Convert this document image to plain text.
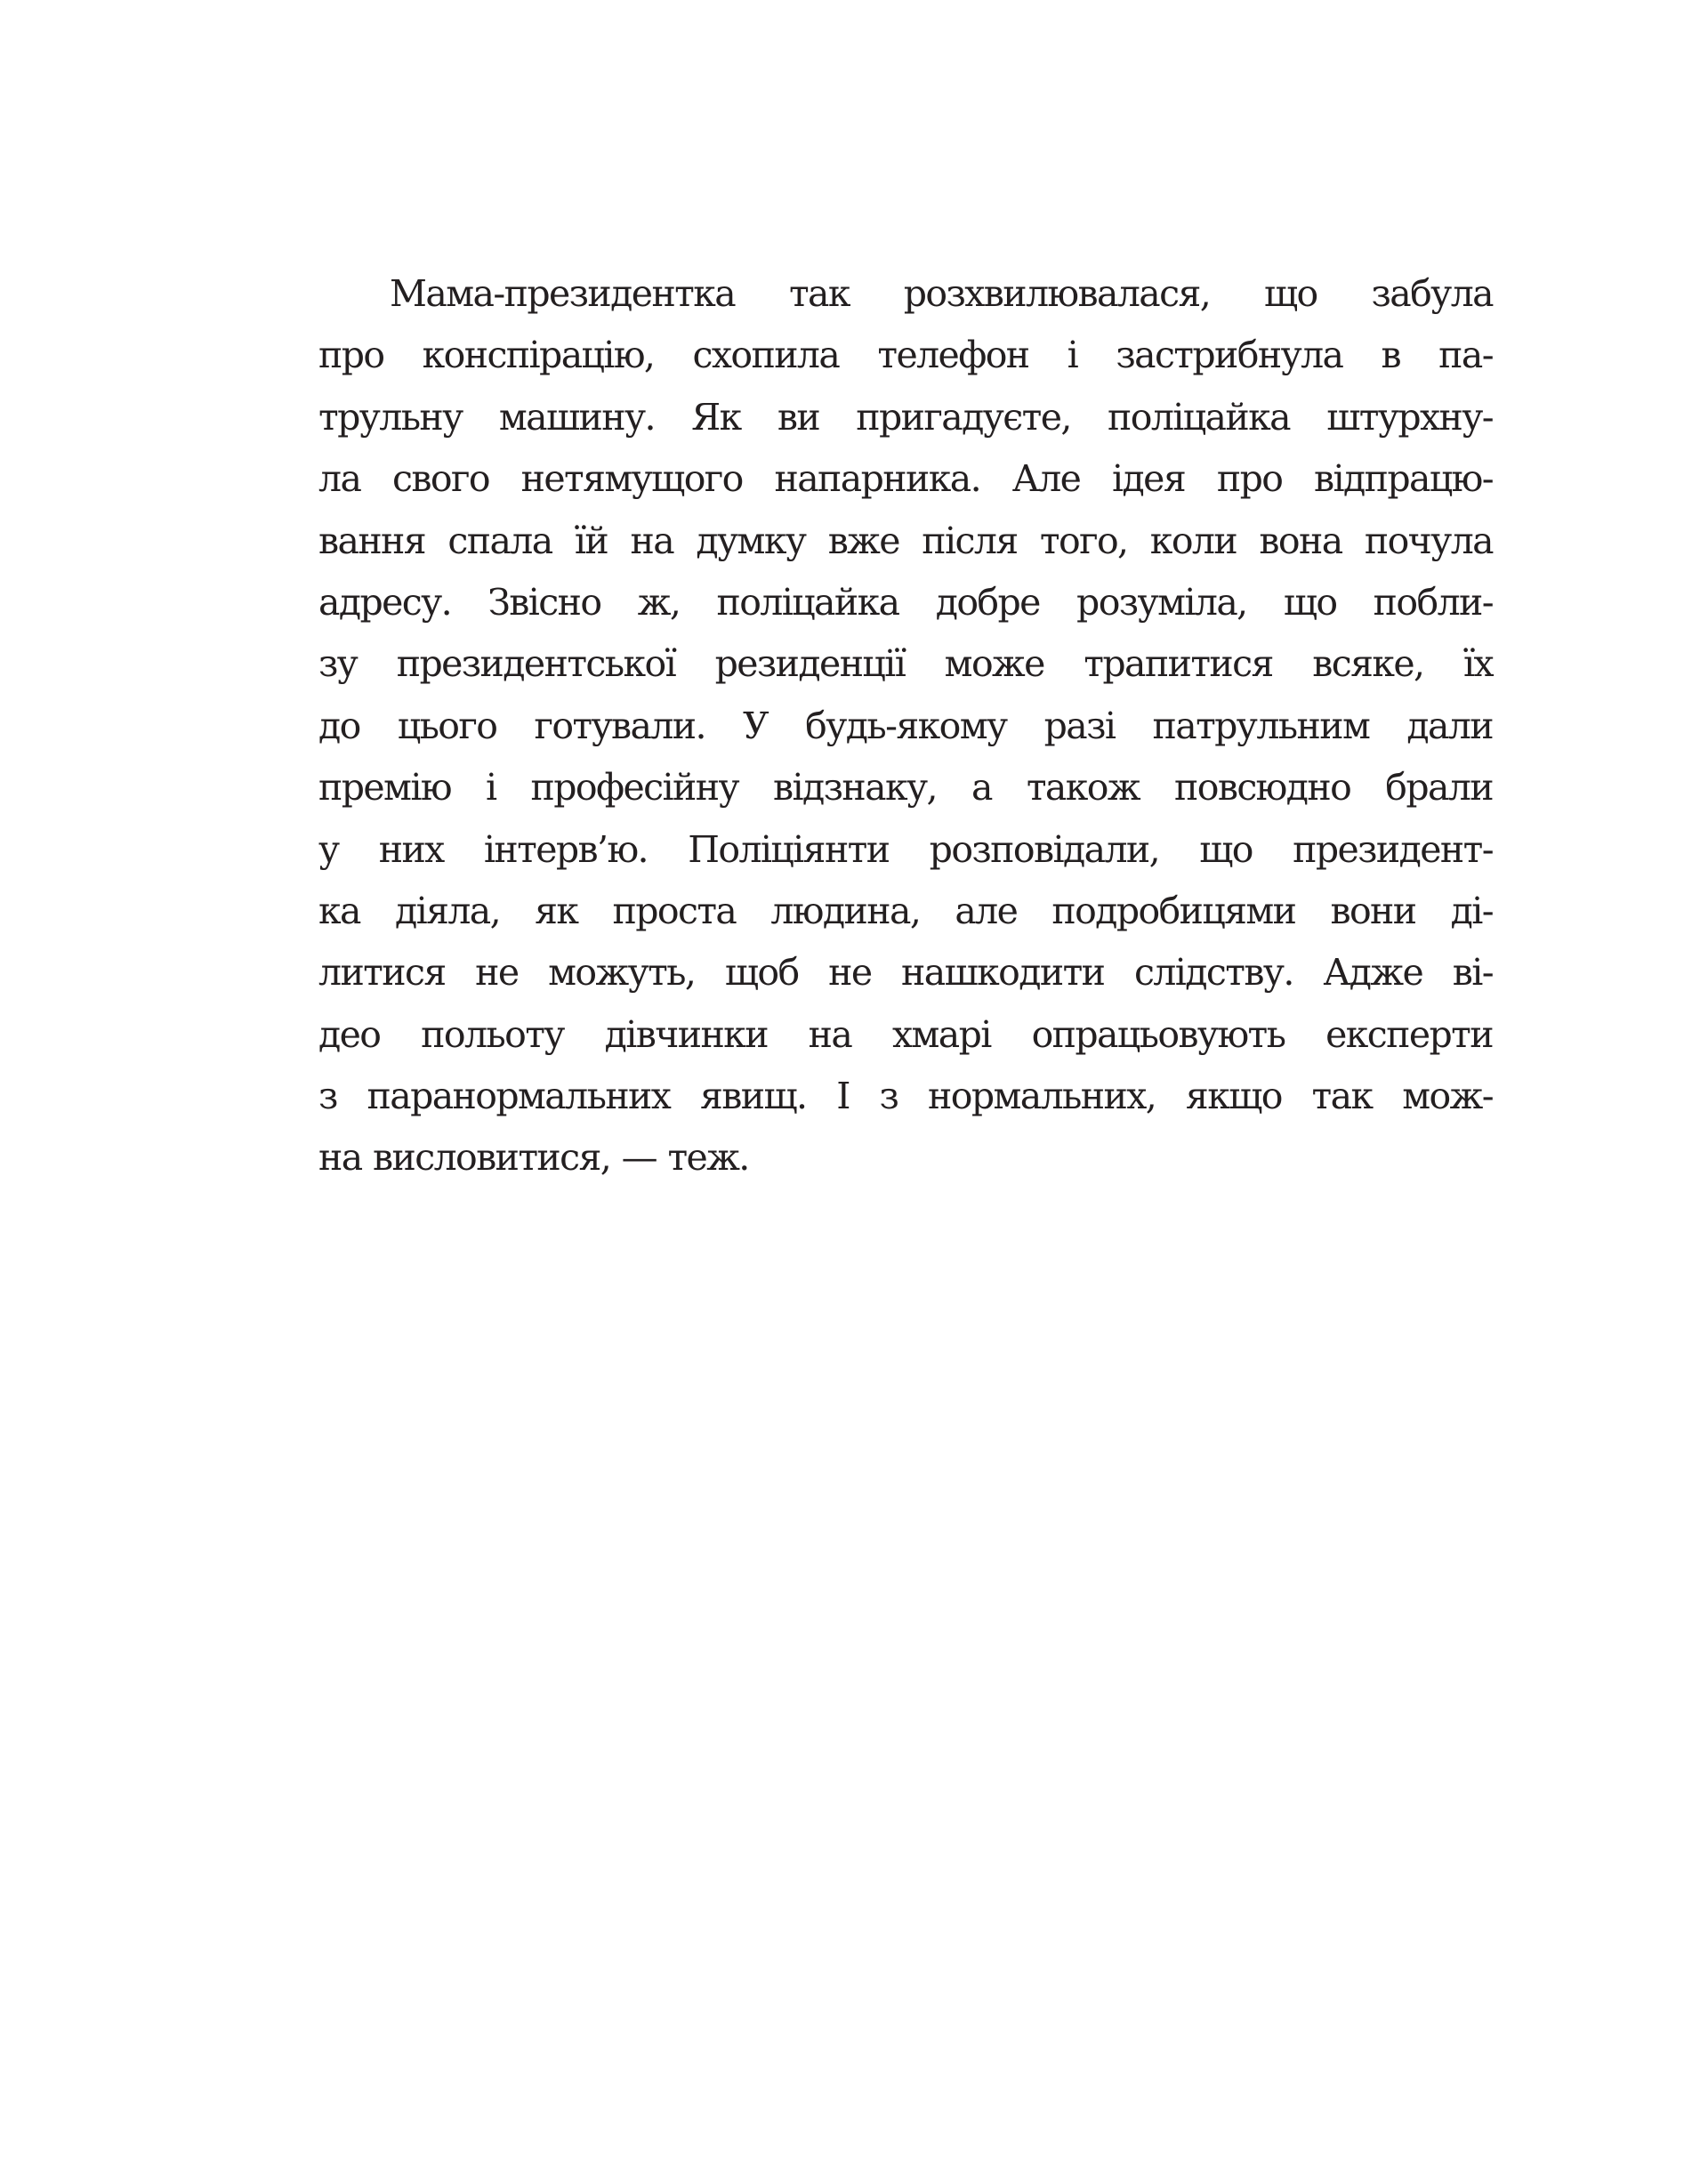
Мама-президентка так розхвилювалася, що забула
про конспірацію, схопила телефон і застрибнула в па-
трульну машину. Як ви пригадуєте, поліцайка штурхну-
ла свого нетямущого напарника. Але ідея про відпрацю-
вання спала їй на думку вже після того, коли вона почула
адресу. Звісно ж, поліцайка добре розуміла, що побли-
зу президентської резиденції може трапитися всяке, їх
до цього готували. У будь-якому разі патрульним дали
премію і професійну відзнаку, а також повсюдно брали
у них інтерв’ю. Поліціянти розповідали, що президент-
ка діяла, як проста людина, але подробицями вони ді-
литися не можуть, щоб не нашкодити слідству. Адже ві-
део польоту дівчинки на хмарі опрацьовують експерти
з паранормальних явищ. І з нормальних, якщо так мож-
на висловитися, — теж.
